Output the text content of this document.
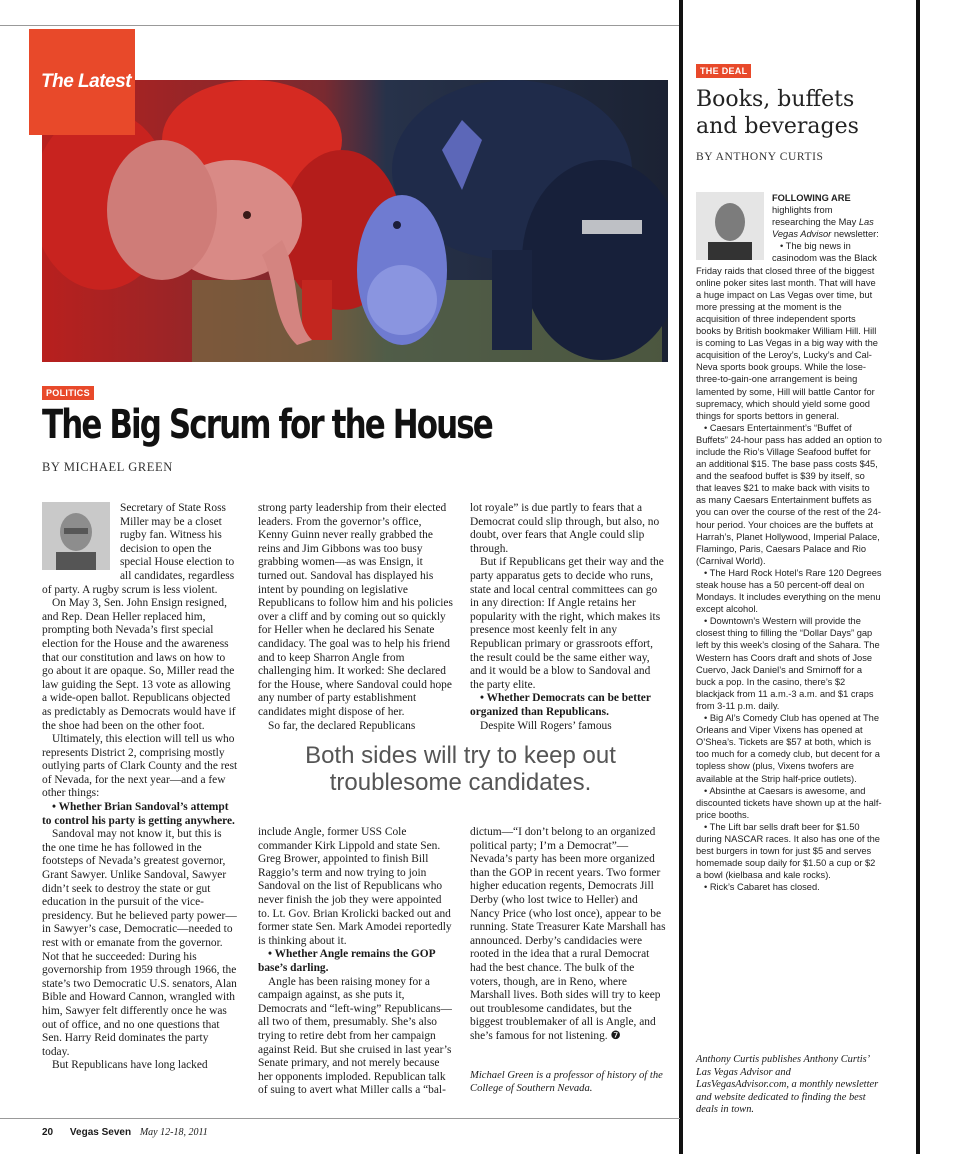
The Latest
POLITICS
The Big Scrum for the House
BY MICHAEL GREEN

Secretary of State Ross Miller may be a closet rugby fan. Witness his decision to open the special House election to all candidates, regardless of party. A rugby scrum is less violent.

On May 3, Sen. John Ensign resigned, and Rep. Dean Heller replaced him, prompting both Nevada’s first special election for the House and the awareness that our constitution and laws on how to go about it are opaque. So, Miller read the law guiding the Sept. 13 vote as allowing a wide-open ballot. Republicans objected as predictably as Democrats would have if the shoe had been on the other foot.

Ultimately, this election will tell us who represents District 2, comprising mostly outlying parts of Clark County and the rest of Nevada, for the next year—and a few other things:

• Whether Brian Sandoval’s attempt to control his party is getting anywhere.

Sandoval may not know it, but this is the one time he has followed in the footsteps of Nevada’s greatest governor, Grant Sawyer. Unlike Sandoval, Sawyer didn’t seek to destroy the state or gut education in the pursuit of the vice-presidency. But he believed party power—in Sawyer’s case, Democratic—needed to rest with or emanate from the governor. Not that he succeeded: During his governorship from 1959 through 1966, the state’s two Democratic U.S. senators, Alan Bible and Howard Cannon, wrangled with him, Sawyer felt differently once he was out of office, and no one questions that Sen. Harry Reid dominates the party today.

But Republicans have long lacked

strong party leadership from their elected leaders. From the governor’s office, Kenny Guinn never really grabbed the reins and Jim Gibbons was too busy grabbing women—as was Ensign, it turned out. Sandoval has displayed his intent by pounding on legislative Republicans to follow him and his policies over a cliff and by coming out so quickly for Heller when he declared his Senate candidacy. The goal was to help his friend and to keep Sharron Angle from challenging him. It worked: She declared for the House, where Sandoval could hope any number of party establishment candidates might dispose of her.

So far, the declared Republicans

lot royale” is due partly to fears that a Democrat could slip through, but also, no doubt, over fears that Angle could slip through.

But if Republicans get their way and the party apparatus gets to decide who runs, state and local central committees can go in any direction: If Angle retains her popularity with the right, which makes its presence most keenly felt in any Republican primary or grassroots effort, the result could be the same either way, and it would be a blow to Sandoval and the party elite.

• Whether Democrats can be better organized than Republicans.

Despite Will Rogers’ famous

Both sides will try to keep out troublesome candidates.

include Angle, former USS Cole commander Kirk Lippold and state Sen. Greg Brower, appointed to finish Bill Raggio’s term and now trying to join Sandoval on the list of Republicans who never finish the job they were appointed to. Lt. Gov. Brian Krolicki backed out and former state Sen. Mark Amodei reportedly is thinking about it.

• Whether Angle remains the GOP base’s darling.

Angle has been raising money for a campaign against, as she puts it, Democrats and “left-wing” Republicans—all two of them, presumably. She’s also trying to retire debt from her campaign against Reid. But she cruised in last year’s Senate primary, and not merely because her opponents imploded. Republican talk of suing to avert what Miller calls a “bal-

dictum—“I don’t belong to an organized political party; I’m a Democrat”—Nevada’s party has been more organized than the GOP in recent years. Two former higher education regents, Democrats Jill Derby (who lost twice to Heller) and Nancy Price (who lost once), appear to be running. State Treasurer Kate Marshall has announced. Derby’s candidacies were rooted in the idea that a rural Democrat had the best chance. The bulk of the voters, though, are in Reno, where Marshall lives. Both sides will try to keep out troublesome candidates, but the biggest troublemaker of all is Angle, and she’s famous for not listening. ❼

Michael Green is a professor of history of the College of Southern Nevada.
20 Vegas Seven May 12-18, 2011
THE DEAL
Books, buffets and beverages
BY ANTHONY CURTIS

FOLLOWING ARE highlights from researching the May Las Vegas Advisor newsletter:

• The big news in casinodom was the Black Friday raids that closed three of the biggest online poker sites last month. That will have a huge impact on Las Vegas over time, but more pressing at the moment is the acquisition of three independent sports books by British bookmaker William Hill. Hill is coming to Las Vegas in a big way with the acquisition of the Leroy’s, Lucky’s and Cal-Neva sports book groups. While the lose-three-to-gain-one arrangement is being lamented by some, Hill will battle Cantor for supremacy, which should yield some good things for sports bettors in general.

• Caesars Entertainment’s “Buffet of Buffets” 24-hour pass has added an option to include the Rio’s Village Seafood buffet for an additional $15. The base pass costs $45, and the seafood buffet is $39 by itself, so that leaves $21 to make back with visits to as many Caesars Entertainment buffets as you can over the course of the rest of the 24-hour period. Your choices are the buffets at Harrah’s, Planet Hollywood, Imperial Palace, Flamingo, Paris, Caesars Palace and Rio (Carnival World).

• The Hard Rock Hotel’s Rare 120 Degrees steak house has a 50 percent-off deal on Mondays. It includes everything on the menu except alcohol.

• Downtown’s Western will provide the closest thing to filling the “Dollar Days” gap left by this week’s closing of the Sahara. The Western has Coors draft and shots of Jose Cuervo, Jack Daniel’s and Smirnoff for a buck a pop. In the casino, there’s $2 blackjack from 11 a.m.-3 a.m. and $1 craps from 3-11 p.m. daily.

• Big Al’s Comedy Club has opened at The Orleans and Viper Vixens has opened at O’Shea’s. Tickets are $57 at both, which is too much for a comedy club, but decent for a topless show (plus, Vixens twofers are available at the Strip half-price outlets).

• Absinthe at Caesars is awesome, and discounted tickets have shown up at the half-price booths.

• The Lift bar sells draft beer for $1.50 during NASCAR races. It also has one of the best burgers in town for just $5 and serves homemade soup daily for $1.50 a cup or $2 a bowl (kielbasa and kale rocks).

• Rick’s Cabaret has closed.

Anthony Curtis publishes Anthony Curtis’ Las Vegas Advisor and LasVegasAdvisor.com, a monthly newsletter and website dedicated to finding the best deals in town.
